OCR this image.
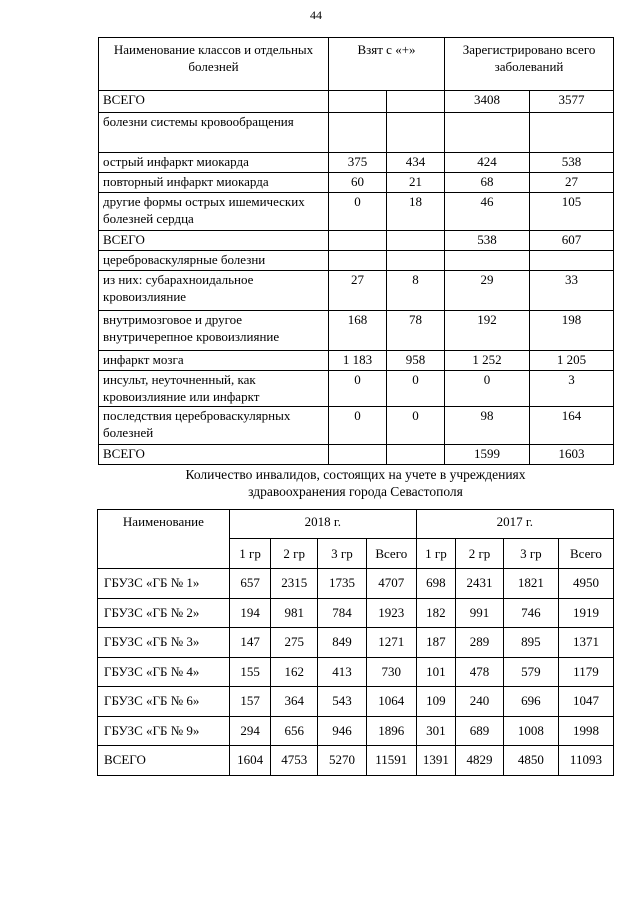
44
Наименование классов и отдельных болезней	Взят с «+»		Зарегистрировано всего заболеваний	
ВСЕГО			3408	3577
болезни системы кровообращения				
острый инфаркт миокарда	375	434	424	538
повторный инфаркт миокарда	60	21	68	27
другие формы острых ишемических болезней сердца	0	18	46	105
ВСЕГО			538	607
цереброваскулярные болезни				
из них: субарахноидальное кровоизлияние	27	8	29	33
внутримозговое и другое внутричерепное кровоизлияние	168	78	192	198
инфаркт мозга	1 183	958	1 252	1 205
инсульт, неуточненный, как кровоизлияние или инфаркт	0	0	0	3
последствия цереброваскулярных болезней	0	0	98	164
ВСЕГО			1599	1603
Количество инвалидов, состоящих на учете в учреждениях
здравоохранения города Севастополя
Наименование	2018 г.				2017 г.			
	1 гр	2 гр	3 гр	Всего	1 гр	2 гр	3 гр	Всего
ГБУЗС «ГБ № 1»	657	2315	1735	4707	698	2431	1821	4950
ГБУЗС «ГБ № 2»	194	981	784	1923	182	991	746	1919
ГБУЗС «ГБ № 3»	147	275	849	1271	187	289	895	1371
ГБУЗС «ГБ № 4»	155	162	413	730	101	478	579	1179
ГБУЗС «ГБ № 6»	157	364	543	1064	109	240	696	1047
ГБУЗС «ГБ № 9»	294	656	946	1896	301	689	1008	1998
ВСЕГО	1604	4753	5270	11591	1391	4829	4850	11093
